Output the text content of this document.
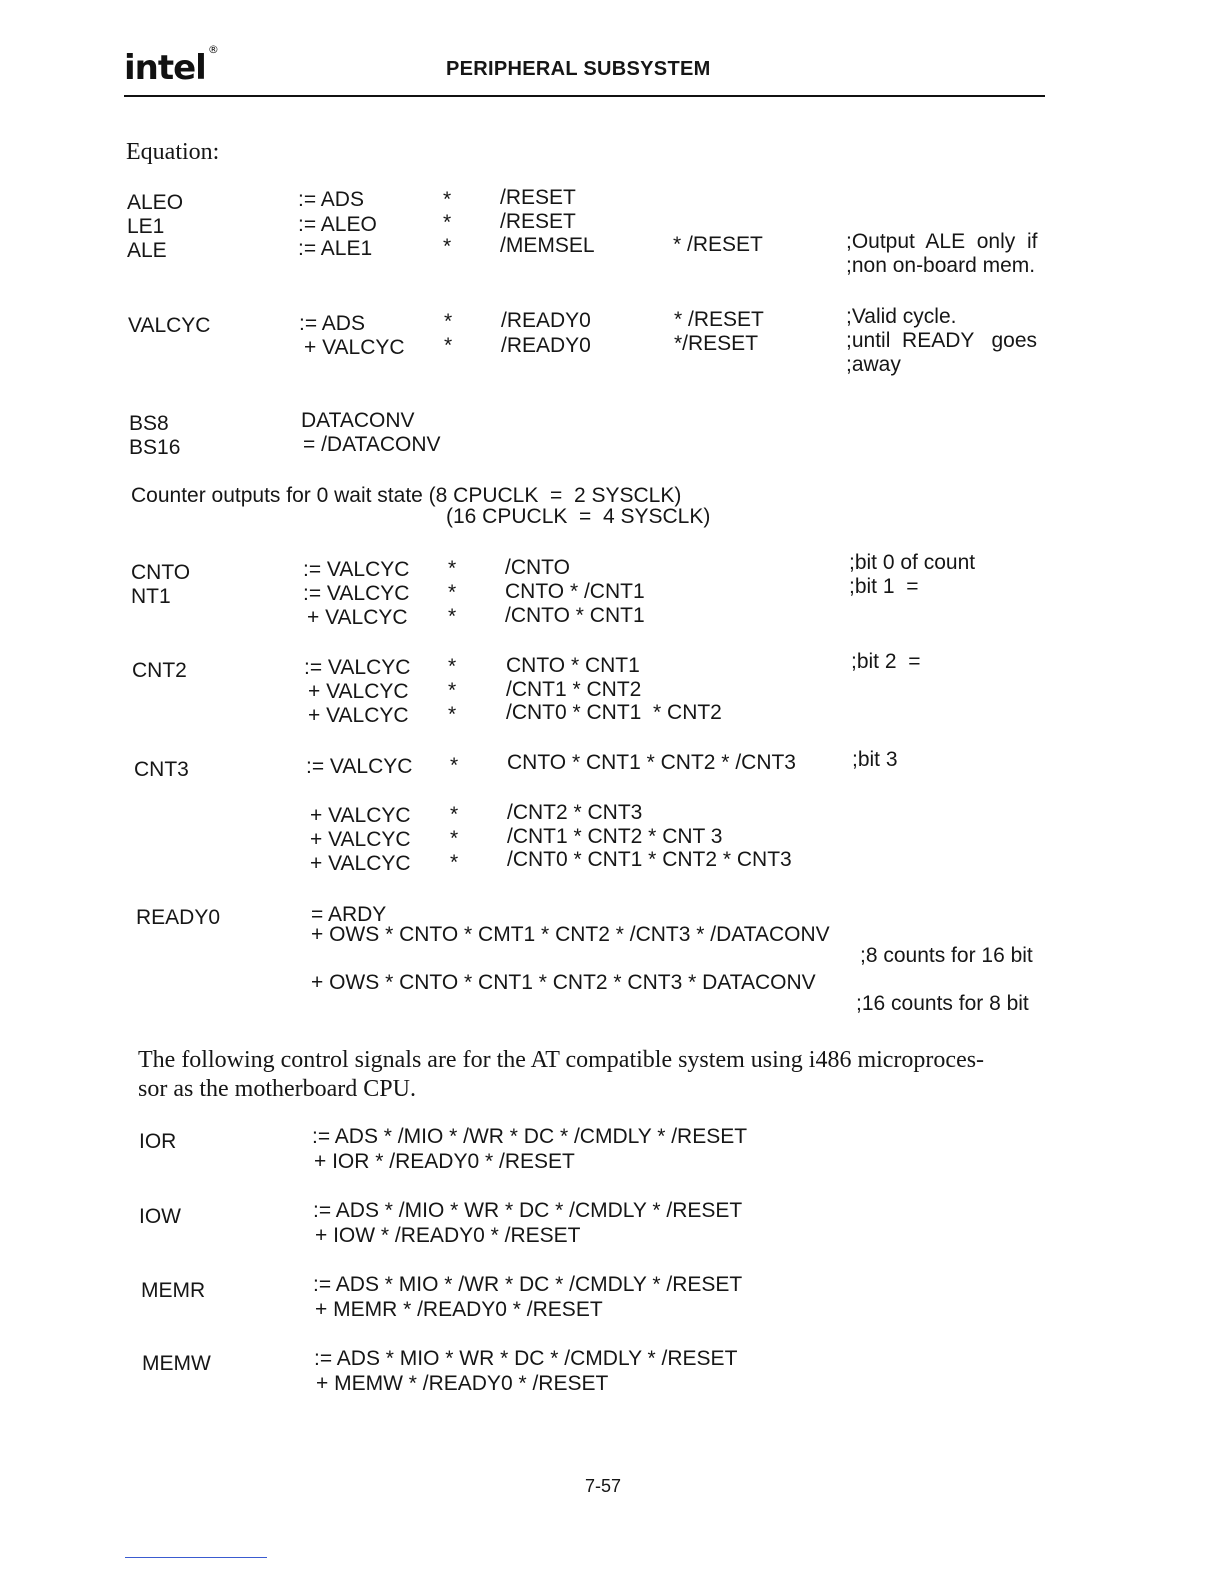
intel ®
PERIPHERAL SUBSYSTEM
Equation:
ALEO	:= ADS	* /RESET
LE1	:= ALEO	* /RESET
ALE	:= ALE1	* /MEMSEL	* /RESET	;Output  ALE  only  if
;non on-board mem.
VALCYC	:= ADS	* /READY0	* /RESET	;Valid cycle.
+ VALCYC * /READY0	*/RESET	;until  READY   goes
;away
BS8	DATACONV
BS16	= /DATACONV
Counter outputs for 0 wait state (8 CPUCLK  =  2 SYSCLK)
(16 CPUCLK  =  4 SYSCLK)
CNTO	:= VALCYC * /CNTO	;bit 0 of count
NT1	:= VALCYC * CNTO * /CNT1	;bit 1  =
+ VALCYC * /CNTO * CNT1
CNT2	:= VALCYC * CNTO * CNT1	;bit 2  =
+ VALCYC * /CNT1 * CNT2
+ VALCYC * /CNT0 * CNT1  * CNT2
CNT3	:= VALCYC * CNTO * CNT1 * CNT2 * /CNT3	;bit 3
+ VALCYC * /CNT2 * CNT3
+ VALCYC * /CNT1 * CNT2 * CNT 3
+ VALCYC * /CNT0 * CNT1 * CNT2 * CNT3
READY0	= ARDY
+ OWS * CNTO * CMT1 * CNT2 * /CNT3 * /DATACONV
;8 counts for 16 bit
+ OWS * CNTO * CNT1 * CNT2 * CNT3 * DATACONV
;16 counts for 8 bit
IOR	:= ADS * /MIO * /WR * DC * /CMDLY * /RESET
+ IOR * /READY0 * /RESET
IOW	:= ADS * /MIO * WR * DC * /CMDLY * /RESET
+ IOW * /READY0 * /RESET
MEMR	:= ADS * MIO * /WR * DC * /CMDLY * /RESET
+ MEMR * /READY0 * /RESET
MEMW	:= ADS * MIO * WR * DC * /CMDLY * /RESET
+ MEMW * /READY0 * /RESET
The following control signals are for the AT compatible system using i486 microproces-
sor as the motherboard CPU.
7-57
